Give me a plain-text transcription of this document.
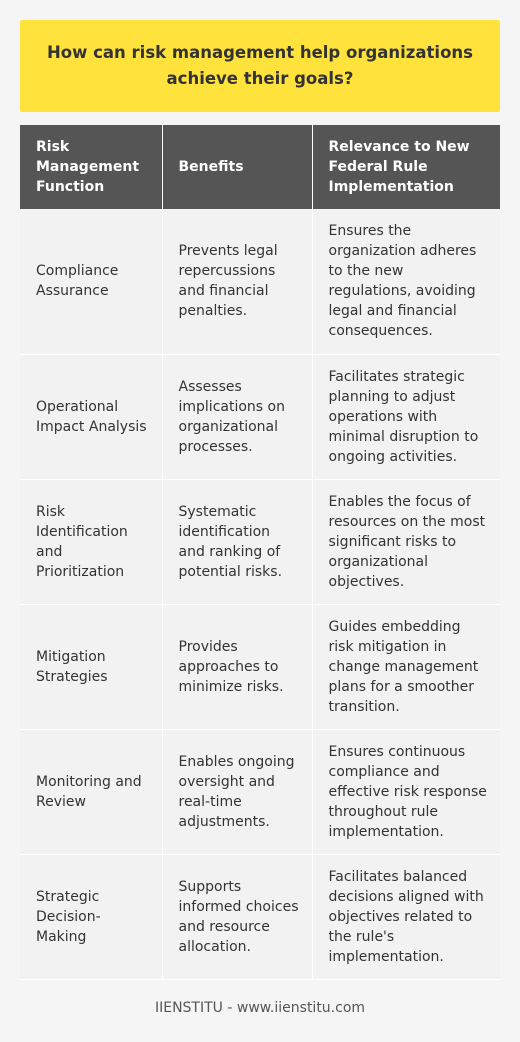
How can risk management help organizations achieve their goals?
Risk Management Function	Benefits	Relevance to New Federal Rule Implementation
Compliance Assurance	Prevents legal repercussions and financial penalties.	Ensures the organization adheres to the new regulations, avoiding legal and financial consequences.
Operational Impact Analysis	Assesses implications on organizational processes.	Facilitates strategic planning to adjust operations with minimal disruption to ongoing activities.
Risk Identification and Prioritization	Systematic identification and ranking of potential risks.	Enables the focus of resources on the most significant risks to organizational objectives.
Mitigation Strategies	Provides approaches to minimize risks.	Guides embedding risk mitigation in change management plans for a smoother transition.
Monitoring and Review	Enables ongoing oversight and real-time adjustments.	Ensures continuous compliance and effective risk response throughout rule implementation.
Strategic Decision-Making	Supports informed choices and resource allocation.	Facilitates balanced decisions aligned with objectives related to the rule's implementation.
IIENSTITU - www.iienstitu.com
